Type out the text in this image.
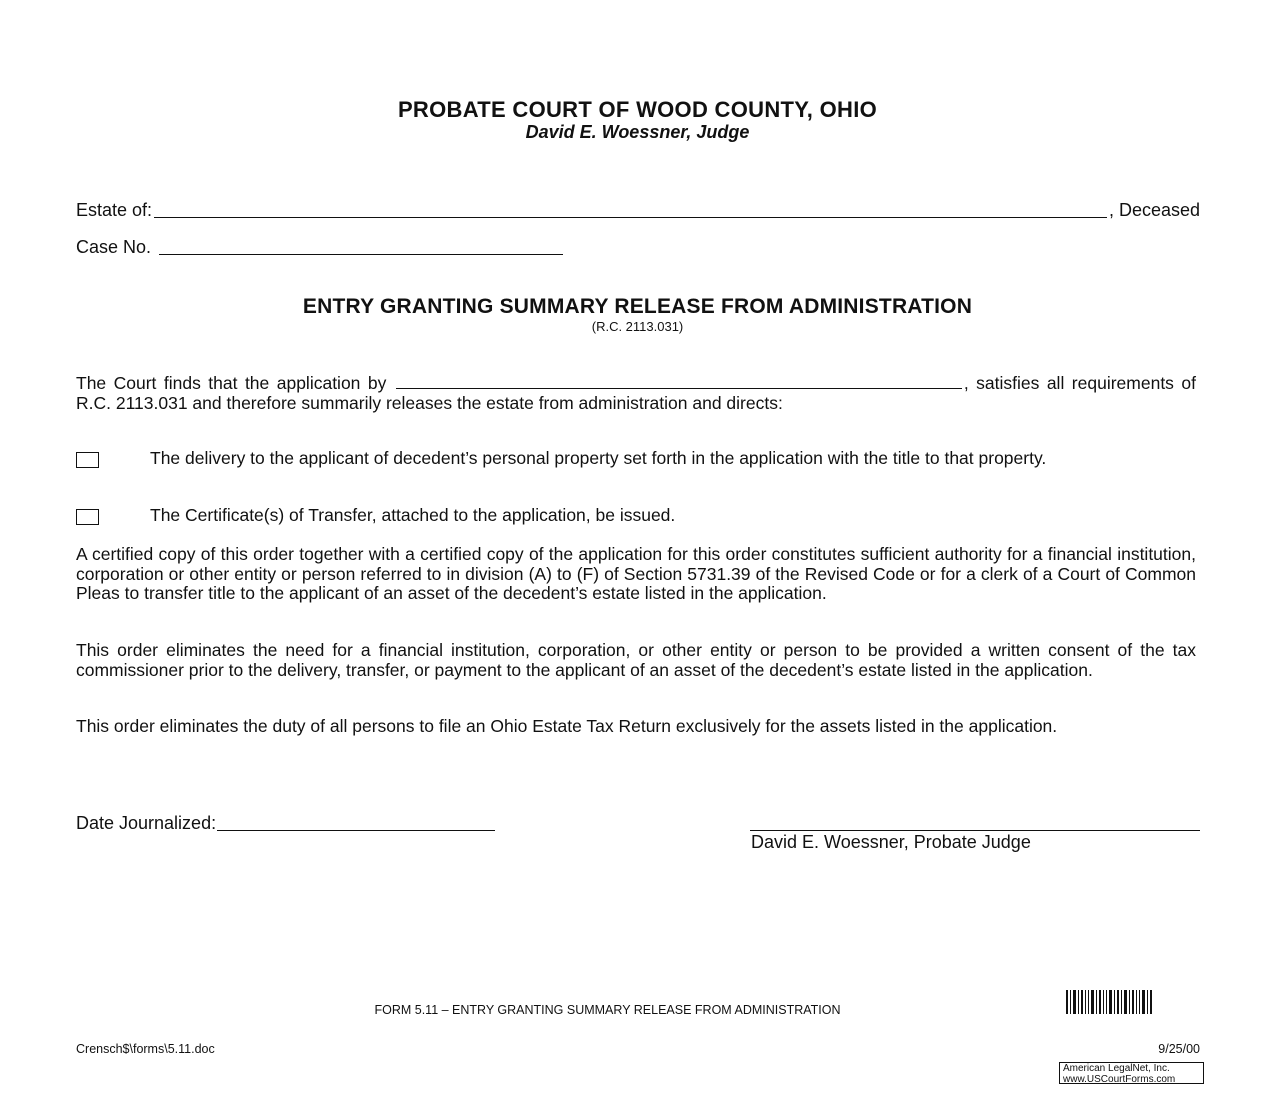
PROBATE COURT OF WOOD COUNTY, OHIO
David E. Woessner, Judge
Estate of:	, Deceased
Case No.
ENTRY GRANTING SUMMARY RELEASE FROM ADMINISTRATION
(R.C. 2113.031)
The Court finds that the application by	, satisfies all requirements of R.C. 2113.031 and therefore summarily releases the estate from administration and directs:
The delivery to the applicant of decedent’s personal property set forth in the application with the title to that property.
The Certificate(s) of Transfer, attached to the application, be issued.
A certified copy of this order together with a certified copy of the application for this order constitutes sufficient authority for a financial institution, corporation or other entity or person referred to in division (A) to (F) of Section 5731.39 of the Revised Code or for a clerk of a Court of Common Pleas to transfer title to the applicant of an asset of the decedent’s estate listed in the application.
This order eliminates the need for a financial institution, corporation, or other entity or person to be provided a written consent of the tax commissioner prior to the delivery, transfer, or payment to the applicant of an asset of the decedent’s estate listed in the application.
This order eliminates the duty of all persons to file an Ohio Estate Tax Return exclusively for the assets listed in the application.
Date Journalized:
David E. Woessner, Probate Judge
FORM 5.11 – ENTRY GRANTING SUMMARY RELEASE FROM ADMINISTRATION
Crensch$\forms\5.11.doc	9/25/00
American LegalNet, Inc.
www.USCourtForms.com
